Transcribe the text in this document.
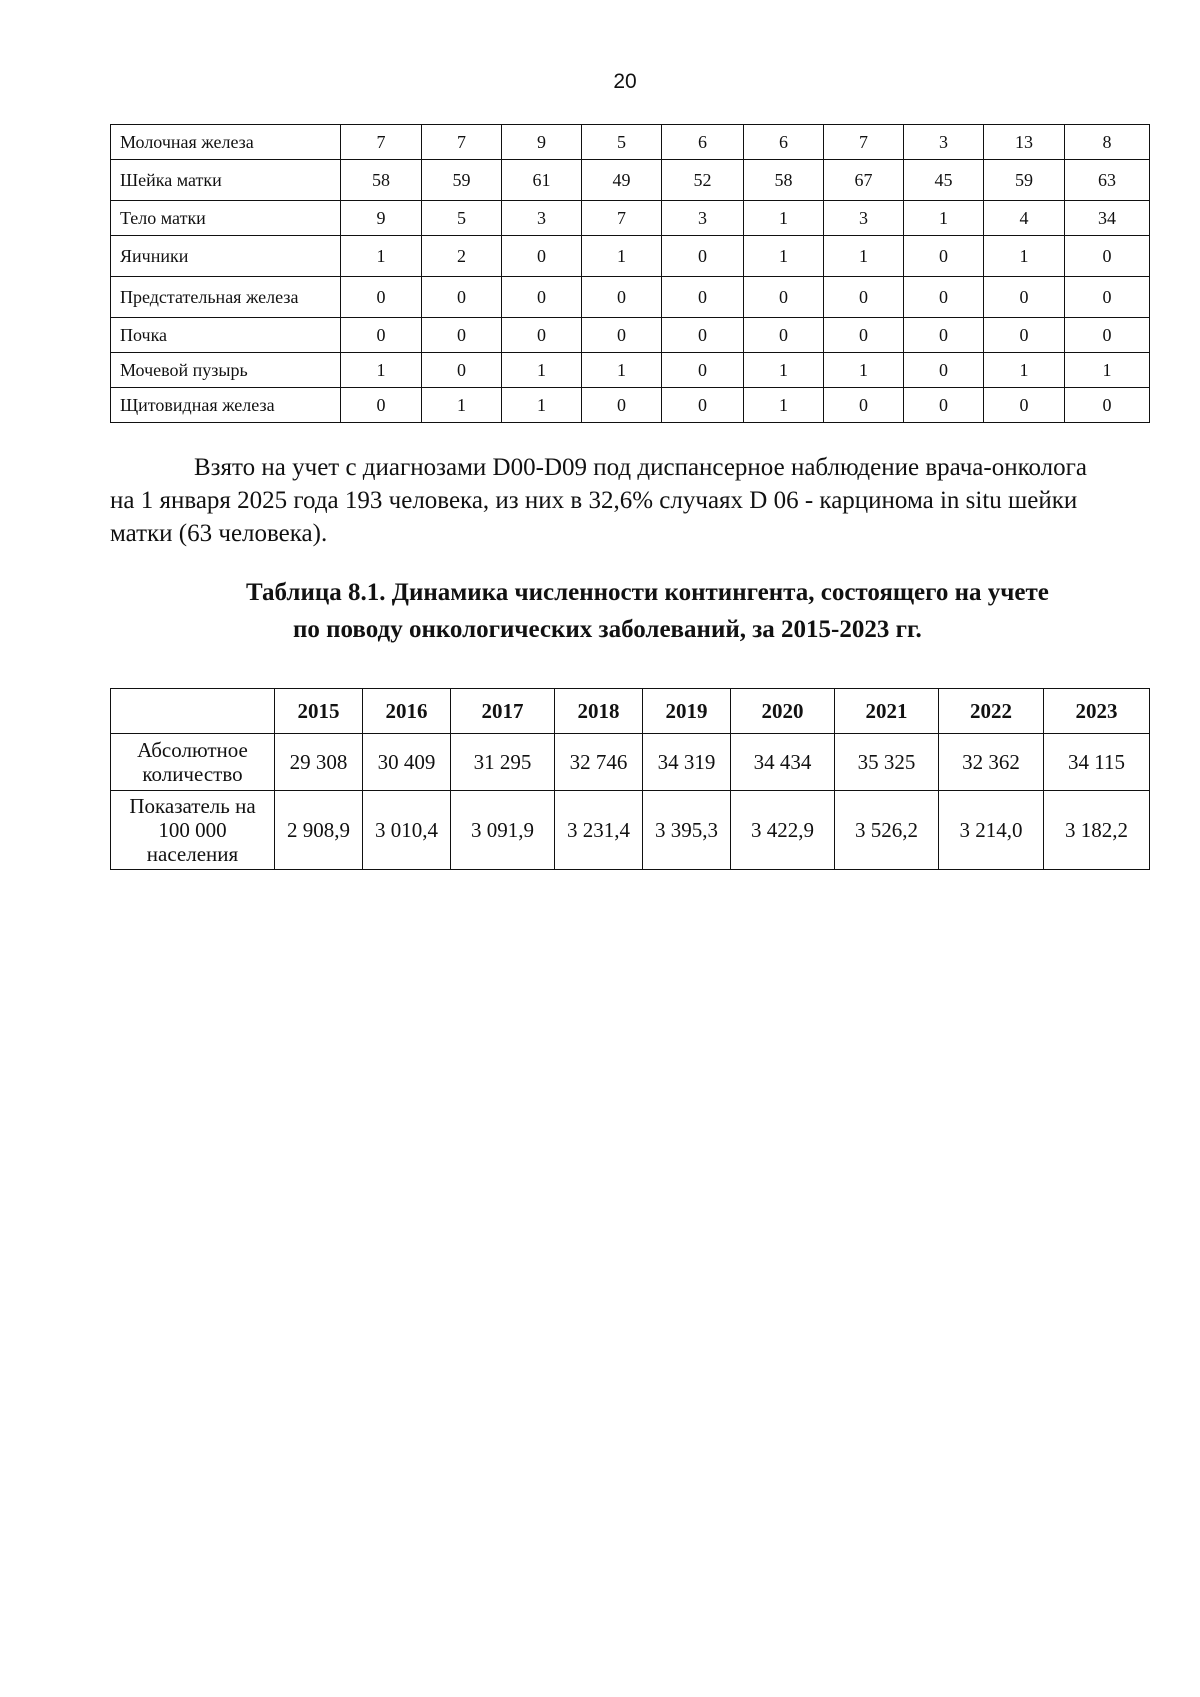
20
Молочная железа	7	7	9	5	6	6	7	3	13	8
Шейка матки	58	59	61	49	52	58	67	45	59	63
Тело матки	9	5	3	7	3	1	3	1	4	34
Яичники	1	2	0	1	0	1	1	0	1	0
Предстательная железа	0	0	0	0	0	0	0	0	0	0
Почка	0	0	0	0	0	0	0	0	0	0
Мочевой пузырь	1	0	1	1	0	1	1	0	1	1
Щитовидная железа	0	1	1	0	0	1	0	0	0	0
Взято на учет с диагнозами D00-D09 под диспансерное наблюдение врача-онколога
на 1 января 2025 года 193 человека, из них в 32,6% случаях D 06 - карцинома in situ шейки
матки (63 человека).
Таблица 8.1. Динамика численности контингента, состоящего на учете
по поводу онкологических заболеваний, за 2015-2023 гг.
	2015	2016	2017	2018	2019	2020	2021	2022	2023

Абсолютное
количество	29 308	30 409	31 295	32 746	34 319	34 434	35 325	32 362	34 115

Показатель на
100 000
населения	2 908,9	3 010,4	3 091,9	3 231,4	3 395,3	3 422,9	3 526,2	3 214,0	3 182,2
